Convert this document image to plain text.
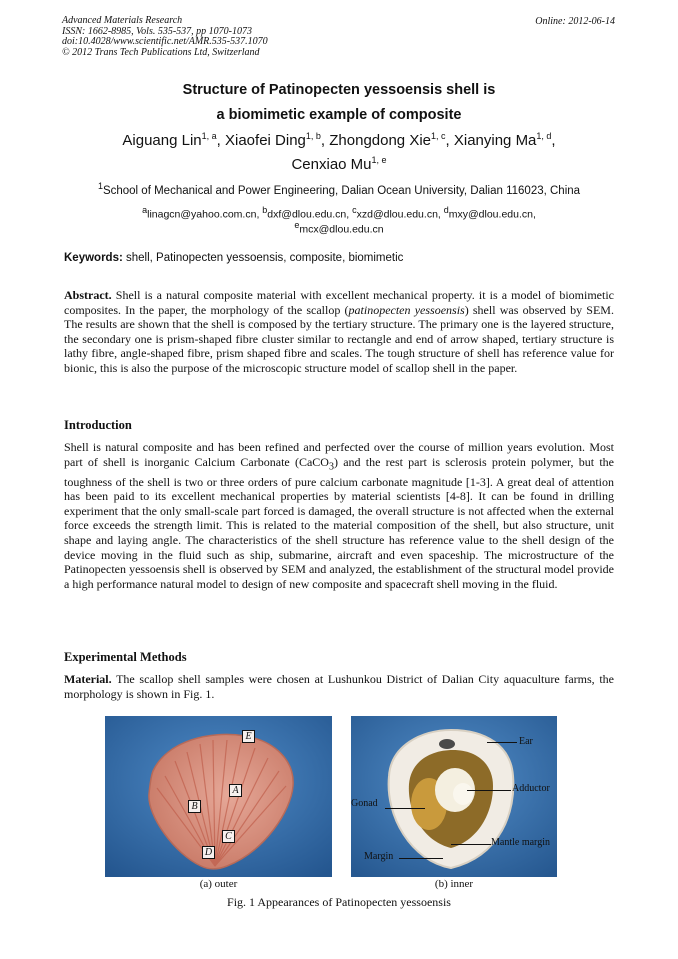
Advanced Materials Research
ISSN: 1662-8985, Vols. 535-537, pp 1070-1073
doi:10.4028/www.scientific.net/AMR.535-537.1070
© 2012 Trans Tech Publications Ltd, Switzerland
Online: 2012-06-14
Structure of Patinopecten yessoensis shell is
a biomimetic example of composite
Aiguang Lin$^{1, a}$, Xiaofei Ding$^{1, b}$, Zhongdong Xie$^{1, c}$, Xianying Ma$^{1, d}$,
Cenxiao Mu$^{1, e}$
$^1$School of Mechanical and Power Engineering, Dalian Ocean University, Dalian 116023, China
$^a$linagcn@yahoo.com.cn, $^b$dxf@dlou.edu.cn, $^c$xzd@dlou.edu.cn, $^d$mxy@dlou.edu.cn,
$^e$mcx@dlou.edu.cn
Keywords: shell, Patinopecten yessoensis, composite, biomimetic
Abstract. Shell is a natural composite material with excellent mechanical property. it is a model of biomimetic composites. In the paper, the morphology of the scallop (patinopecten yessoensis) shell was observed by SEM. The results are shown that the shell is composed by the tertiary structure. The primary one is the layered structure, the secondary one is prism-shaped fibre cluster similar to rectangle and end of arrow shaped, tertiary structure is lathy fibre, angle-shaped fibre, prism shaped fibre and scales. The tough structure of shell has reference value for bionic, this is also the purpose of the microscopic structure model of scallop shell in the paper.
Introduction
Shell is natural composite and has been refined and perfected over the course of million years evolution. Most part of shell is inorganic Calcium Carbonate (CaCO$_3$) and the rest part is sclerosis protein polymer, but the toughness of the shell is two or three orders of pure calcium carbonate magnitude [1-3]. A great deal of attention has been paid to its excellent mechanical properties by material scientists [4-8]. It can be found in drilling experiment that the only small-scale part forced is damaged, the overall structure is not affected when the external force exceeds the strength limit. This is related to the material composition of the shell, but also structure, unit shape and laying angle. The characteristics of the shell structure has reference value to the shell design of the device moving in the fluid such as ship, submarine, aircraft and even spaceship. The microstructure of the Patinopecten yessoensis shell is observed by SEM and analyzed, the establishment of the structural model provide a high performance natural model to design of new composite and spacecraft shell moving in the fluid.
Experimental Methods
Material. The scallop shell samples were chosen at Lushunkou District of Dalian City aquaculture farms, the morphology is shown in Fig. 1.
E
A
B
C
D
Ear
Adductor
Gonad
Mantle margin
Margin
(a) outer	(b) inner
Fig. 1 Appearances of Patinopecten yessoensis
